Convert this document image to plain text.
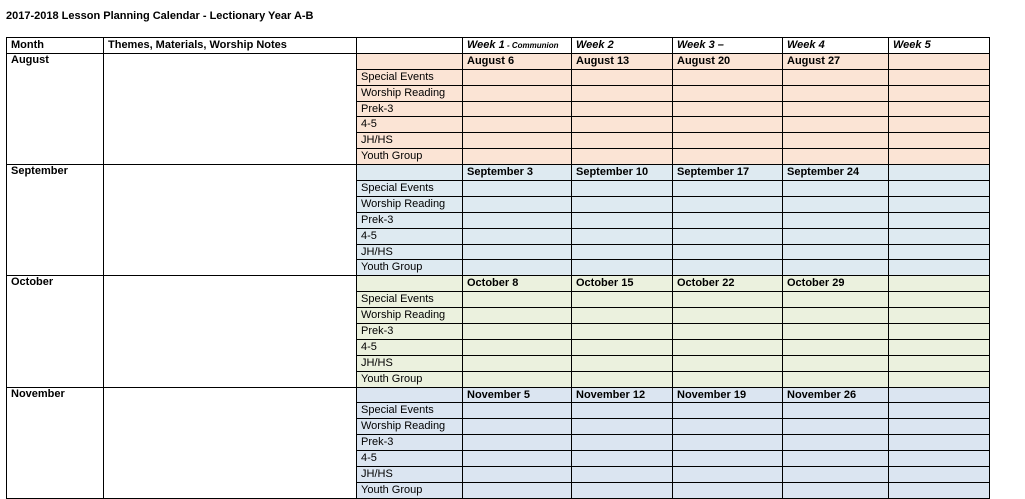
2017-2018 Lesson Planning Calendar - Lectionary Year A-B
Month	Themes, Materials, Worship Notes		Week 1 - Communion	Week 2	Week 3 –	Week 4	Week 5
August			August 6	August 13	August 20	August 27	
		Special Events					
		Worship Reading					
		Prek-3					
		4-5					
		JH/HS					
		Youth Group					
September			September 3	September 10	September 17	September 24	
		Special Events					
		Worship Reading					
		Prek-3					
		4-5					
		JH/HS					
		Youth Group					
October			October 8	October 15	October 22	October 29	
		Special Events					
		Worship Reading					
		Prek-3					
		4-5					
		JH/HS					
		Youth Group					
November			November 5	November 12	November 19	November 26	
		Special Events					
		Worship Reading					
		Prek-3					
		4-5					
		JH/HS					
		Youth Group					
